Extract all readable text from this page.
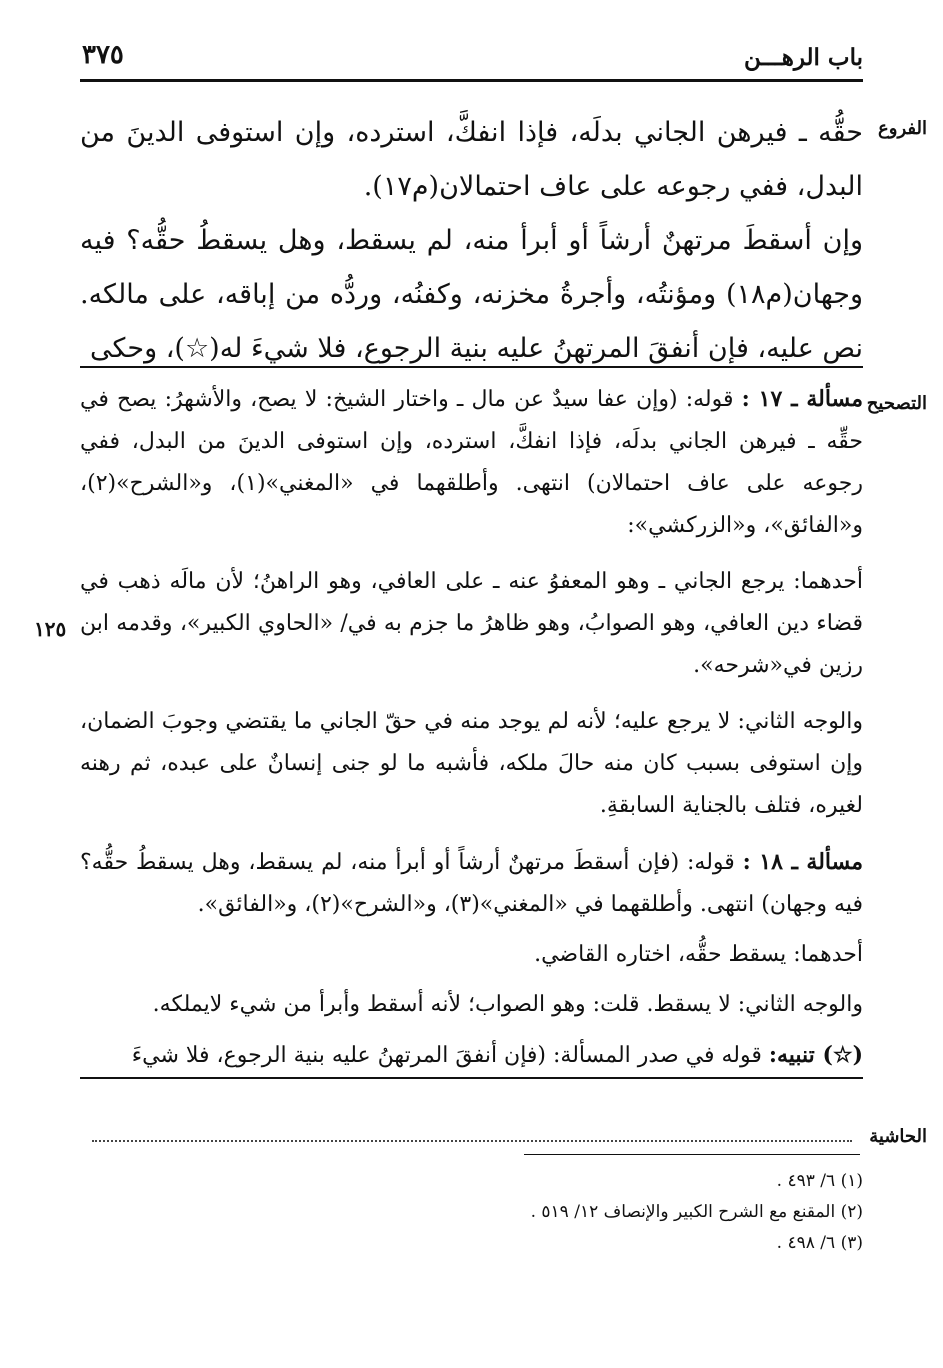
باب الرهـــن
٣٧٥
الفروع
التصحيح
الحاشية
١٢٥

حقُّه ـ فيرهن الجاني بدلَه، فإذا انفكَّ، استرده، وإن استوفى الدينَ من البدل، ففي رجوعه على عاف احتمالان(م١٧).

وإن أسقطَ مرتهنٌ أرشاً أو أبرأ منه، لم يسقط، وهل يسقطُ حقُّه؟ فيه وجهان(م١٨) ومؤنتُه، وأجرةُ مخزنه، وكفنُه، وردُّه من إباقه، على مالكه. نص عليه، فإن أنفقَ المرتهنُ عليه بنية الرجوع، فلا شيءَ له(☆)، وحكى

مسألة ـ ١٧ : قوله: (وإن عفا سيدٌ عن مال ـ واختار الشيخ: لا يصح، والأشهرُ: يصح في حقِّه ـ فيرهن الجاني بدلَه، فإذا انفكَّ، استرده، وإن استوفى الدينَ من البدل، ففي رجوعه على عاف احتمالان) انتهى. وأطلقهما في «المغني»(١)، و«الشرح»(٢)، و«الفائق»، و«الزركشي»:

أحدهما: يرجع الجاني ـ وهو المعفوُ عنه ـ على العافي، وهو الراهنُ؛ لأن مالَه ذهب في قضاء دين العافي، وهو الصوابُ، وهو ظاهرُ ما جزم به في/ «الحاوي الكبير»، وقدمه ابن رزين في«شرحه».

والوجه الثاني: لا يرجع عليه؛ لأنه لم يوجد منه في حقّ الجاني ما يقتضي وجوبَ الضمان، وإن استوفى بسبب كان منه حالَ ملكه، فأشبه ما لو جنى إنسانٌ على عبده، ثم رهنه لغيره، فتلف بالجناية السابقةِ.

مسألة ـ ١٨ : قوله: (فإن أسقطَ مرتهنٌ أرشاً أو أبرأ منه، لم يسقط، وهل يسقطُ حقُّه؟ فيه وجهان) انتهى. وأطلقهما في «المغني»(٣)، و«الشرح»(٢)، و«الفائق».

أحدهما: يسقط حقُّه، اختاره القاضي.

والوجه الثاني: لا يسقط. قلت: وهو الصواب؛ لأنه أسقط وأبرأ من شيء لايملكه.

(☆) تنبيه: قوله في صدر المسألة: (فإن أنفقَ المرتهنُ عليه بنية الرجوع، فلا شيءَ

(١) ٦/ ٤٩٣ .
(٢) المقنع مع الشرح الكبير والإنصاف ١٢/ ٥١٩ .
(٣) ٦/ ٤٩٨ .
